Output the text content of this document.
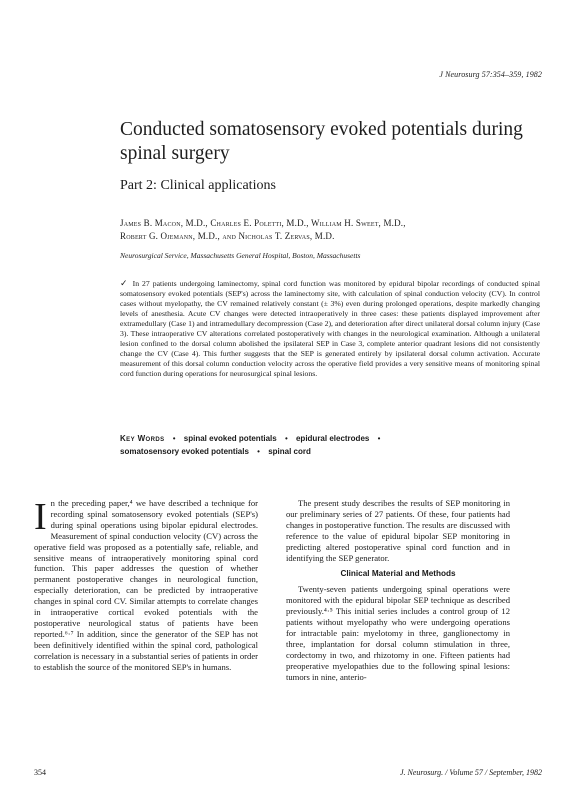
J Neurosurg 57:354–359, 1982
Conducted somatosensory evoked potentials during spinal surgery
Part 2: Clinical applications
James B. Macon, M.D., Charles E. Poletti, M.D., William H. Sweet, M.D.,
Robert G. Ojemann, M.D., and Nicholas T. Zervas, M.D.
Neurosurgical Service, Massachusetts General Hospital, Boston, Massachusetts
✓ In 27 patients undergoing laminectomy, spinal cord function was monitored by epidural bipolar recordings of conducted spinal somatosensory evoked potentials (SEP's) across the laminectomy site, with calculation of spinal conduction velocity (CV). In control cases without myelopathy, the CV remained relatively constant (± 3%) even during prolonged operations, despite markedly changing levels of anesthesia. Acute CV changes were detected intraoperatively in three cases: these patients displayed improvement after extramedullary (Case 1) and intramedullary decompression (Case 2), and deterioration after direct unilateral dorsal column injury (Case 3). These intraoperative CV alterations correlated postoperatively with changes in the neurological examination. Although a unilateral lesion confined to the dorsal column abolished the ipsilateral SEP in Case 3, complete anterior quadrant lesions did not consistently change the CV (Case 4). This further suggests that the SEP is generated entirely by ipsilateral dorsal column activation. Accurate measurement of this dorsal column conduction velocity across the operative field provides a very sensitive means of monitoring spinal cord function during operations for neurosurgical spinal lesions.
Key Words • spinal evoked potentials • epidural electrodes •
somatosensory evoked potentials • spinal cord

In the preceding paper,⁴ we have described a technique for recording spinal somatosensory evoked potentials (SEP's) during spinal operations using bipolar epidural electrodes. Measurement of spinal conduction velocity (CV) across the operative field was proposed as a potentially safe, reliable, and sensitive means of intraoperatively monitoring spinal cord function. This paper addresses the question of whether permanent postoperative changes in neurological function, especially deterioration, can be predicted by intraoperative changes in spinal cord CV. Similar attempts to correlate changes in intraoperative cortical evoked potentials with the postoperative neurological status of patients have been reported.⁶·⁷ In addition, since the generator of the SEP has not been definitively identified within the spinal cord, pathological correlation is necessary in a substantial series of patients in order to establish the source of the monitored SEP's in humans.

The present study describes the results of SEP monitoring in our preliminary series of 27 patients. Of these, four patients had changes in postoperative function. The results are discussed with reference to the value of epidural bipolar SEP monitoring in predicting altered postoperative spinal cord function and in identifying the SEP generator.

Clinical Material and Methods

Twenty-seven patients undergoing spinal operations were monitored with the epidural bipolar SEP technique as described previously.⁴·⁵ This initial series includes a control group of 12 patients without myelopathy who were undergoing operations for intractable pain: myelotomy in three, ganglionectomy in three, implantation for dorsal column stimulation in three, cordectomy in two, and rhizotomy in one. Fifteen patients had preoperative myelopathies due to the following spinal lesions: tumors in nine, anterio-

354	J. Neurosurg. / Volume 57 / September, 1982
